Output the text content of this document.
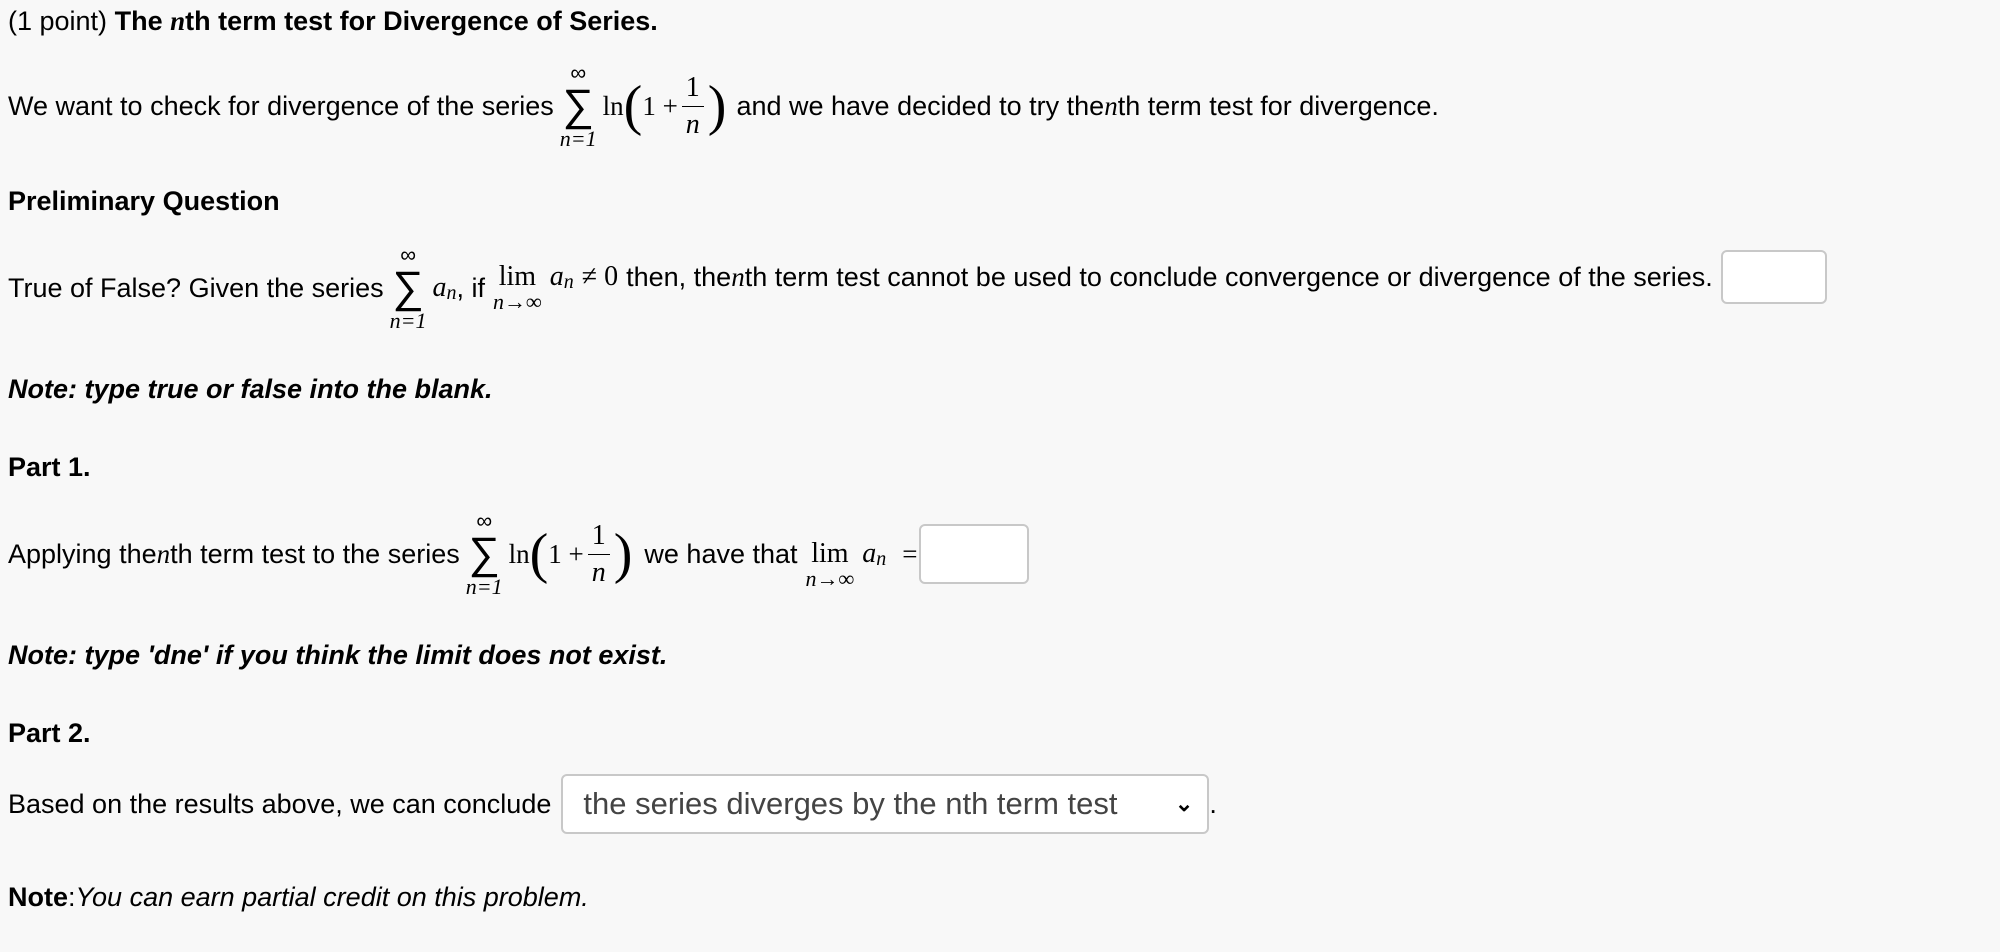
(1 point)
The nth term test for Divergence of Series.
We want to check for divergence of the series
∞
∑
n=1
ln ( $1 + \frac{1}{n}$ ) and we have decided to try the n th term test for divergence.
Preliminary Question
True of False? Given the series
∞
∑
n=1
a n , if lim
n→∞
a n ≠ 0 then, the n th term test cannot be used to conclude convergence or divergence of the series.
Note: type true or false into the blank.
Part 1.
Applying the n th term test to the series
∞
∑
n=1
ln ( $1 + \frac{1}{n}$ ) we have that lim
n→∞
a n =
Note: type 'dne' if you think the limit does not exist.
Part 2.
Based on the results above, we can conclude the series diverges by the nth term test	⌄ .
Note : You can earn partial credit on this problem.
